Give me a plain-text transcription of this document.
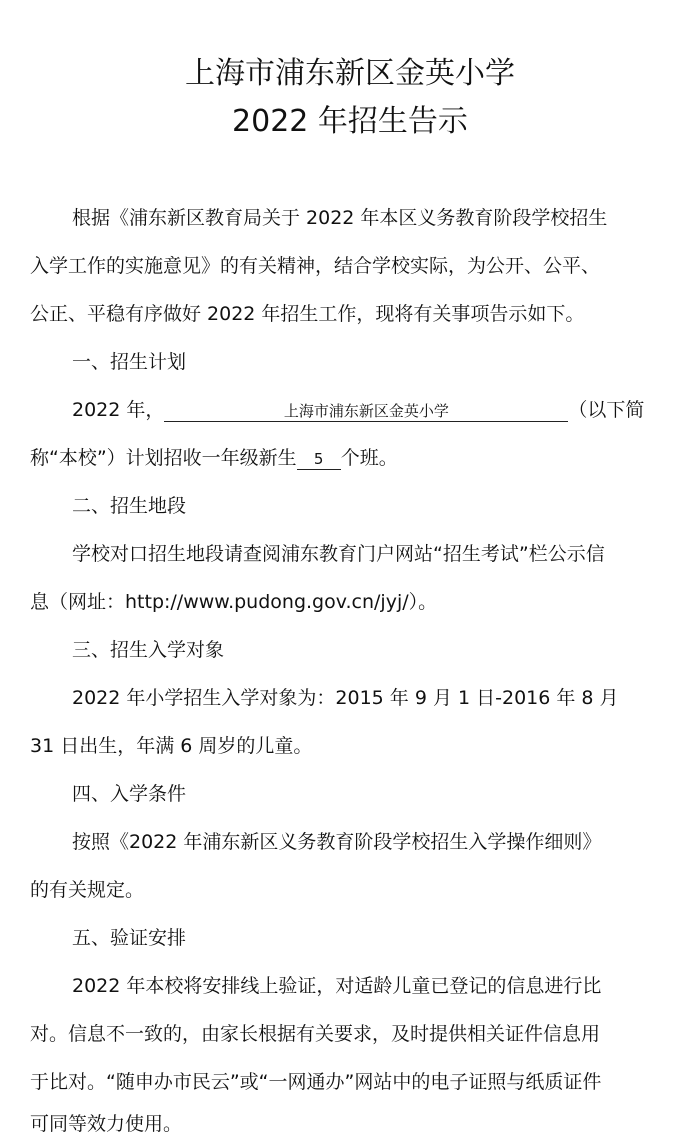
上海市浦东新区金英小学
2022 年招生告示

根据《浦东新区教育局关于 2022 年本区义务教育阶段学校招生

入学工作的实施意见》的有关精神，结合学校实际，为公开、公平、

公正、平稳有序做好 2022 年招生工作，现将有关事项告示如下。

一、招生计划

2022 年，	上海市浦东新区金英小学	（以下简

称“本校”）计划招收一年级新生 5 个班。

二、招生地段

学校对口招生地段请查阅浦东教育门户网站“招生考试”栏公示信

息（网址：http://www.pudong.gov.cn/jyj/）。

三、招生入学对象

2022 年小学招生入学对象为：2015 年 9 月 1 日-2016 年 8 月

31 日出生，年满 6 周岁的儿童。

四、入学条件

按照《2022 年浦东新区义务教育阶段学校招生入学操作细则》

的有关规定。

五、验证安排

2022 年本校将安排线上验证，对适龄儿童已登记的信息进行比

对。信息不一致的，由家长根据有关要求，及时提供相关证件信息用

于比对。“随申办市民云”或“一网通办”网站中的电子证照与纸质证件

可同等效力使用。
